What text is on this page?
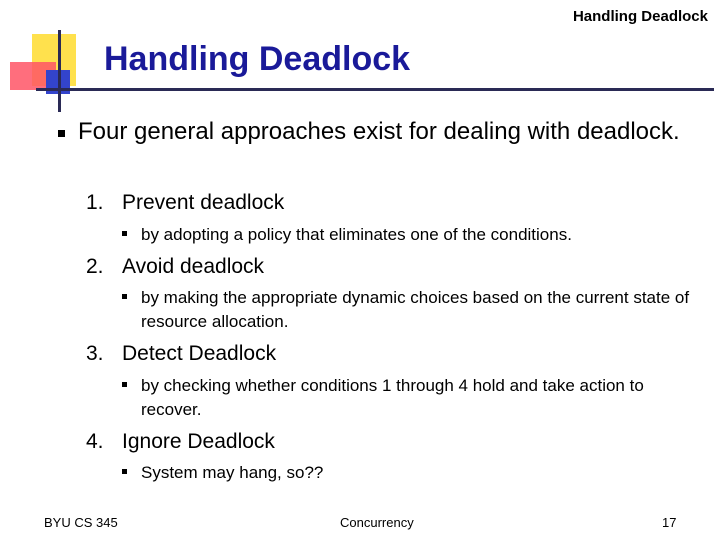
Handling Deadlock
Handling Deadlock
Four general approaches exist for dealing with deadlock.
1. Prevent deadlock
by adopting a policy that eliminates one of the conditions.
2. Avoid deadlock
by making the appropriate dynamic choices based on the current state of resource allocation.
3. Detect Deadlock
by checking whether conditions 1 through 4 hold and take action to recover.
4. Ignore Deadlock
System may hang, so??
BYU CS 345	Concurrency	17
